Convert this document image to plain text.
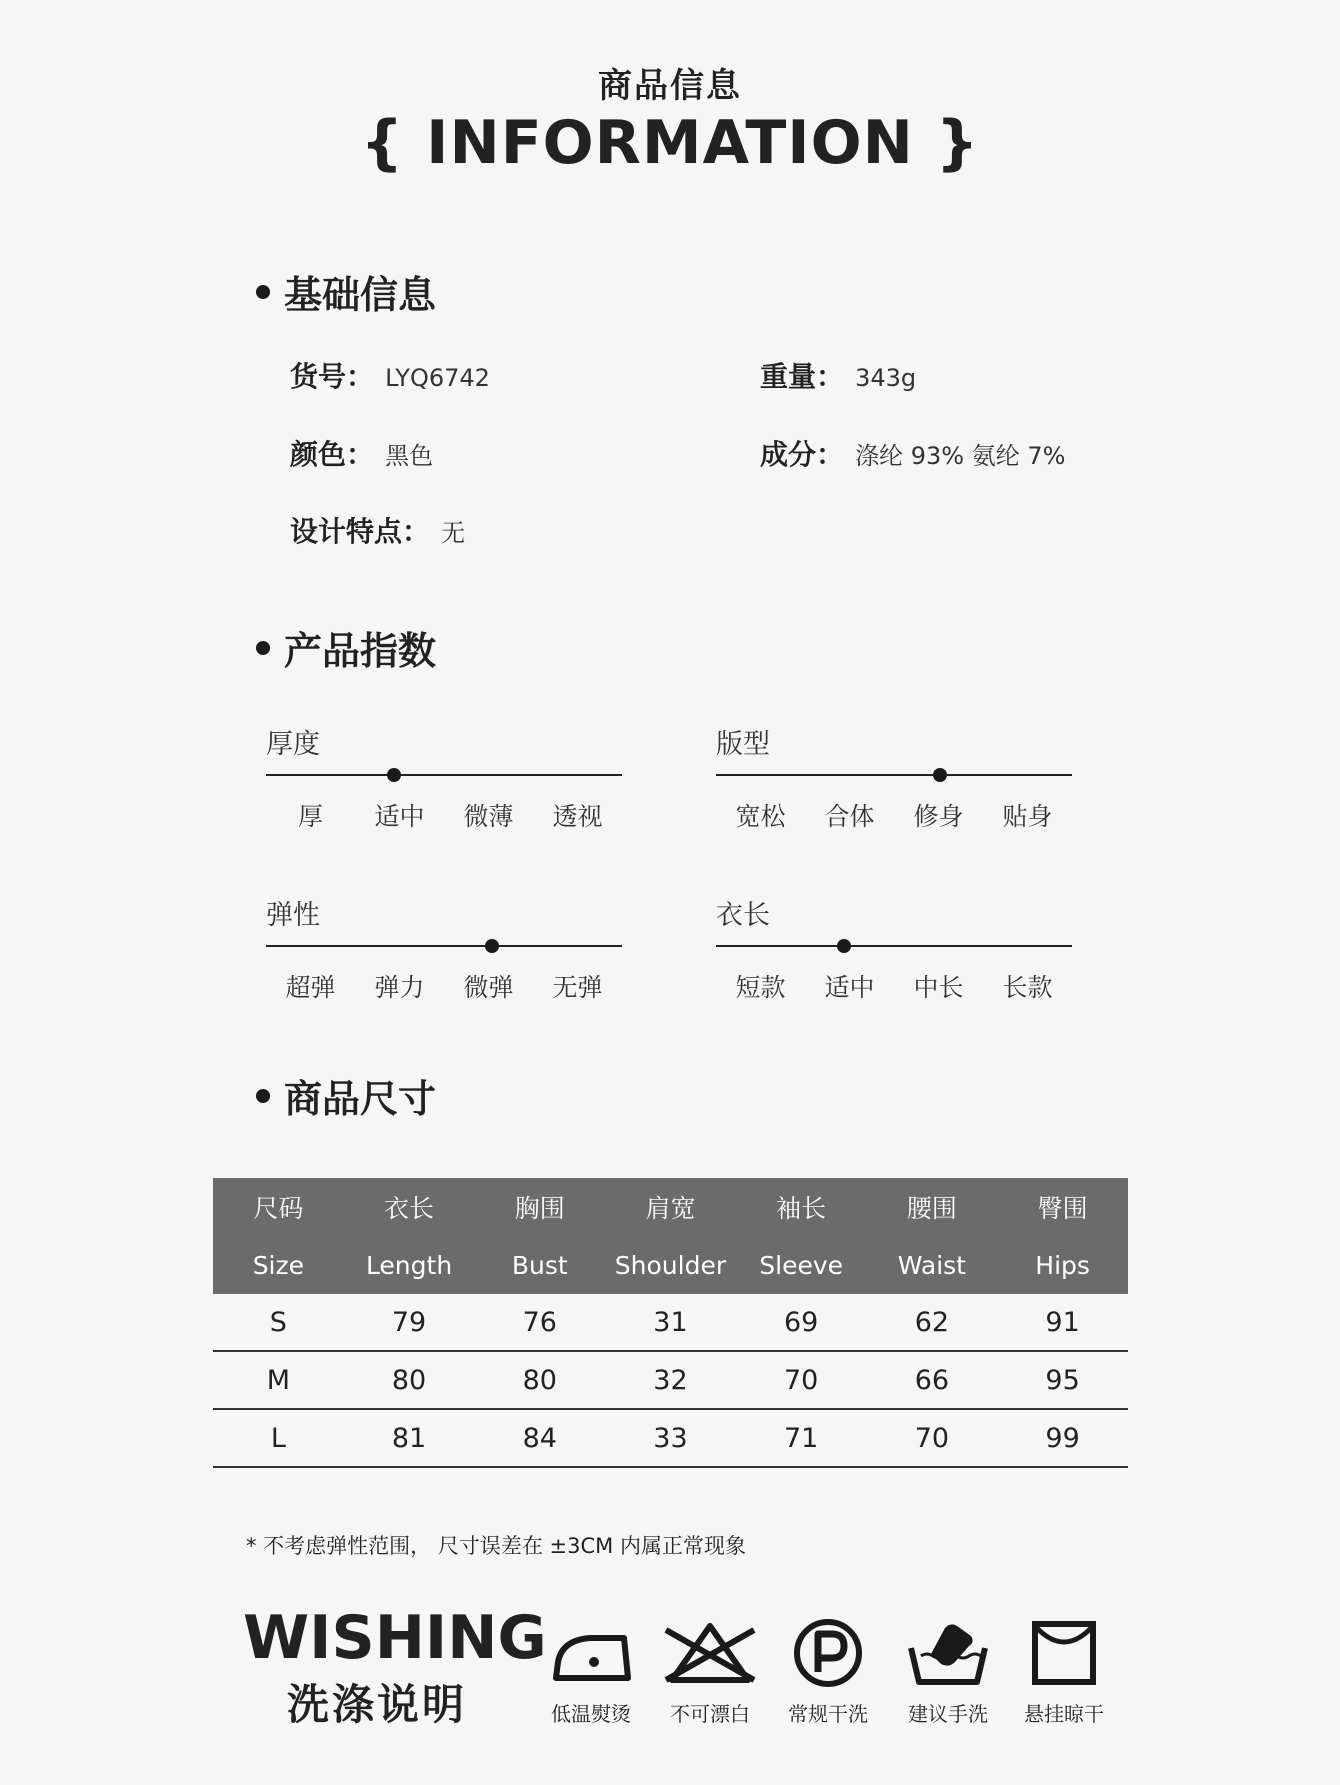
商品信息
{ INFORMATION }
基础信息
货号： LYQ6742	重量： 343g
颜色： 黑色	成分： 涤纶 93% 氨纶 7%
设计特点： 无
产品指数
厚度
厚	适中	微薄	透视
版型
宽松	合体	修身	贴身
弹性
超弹	弹力	微弹	无弹
衣长
短款	适中	中长	长款
商品尺寸
尺码	衣长	胸围	肩宽	袖长	腰围	臀围
Size	Length	Bust	Shoulder	Sleeve	Waist	Hips
S	79	76	31	69	62	91
M	80	80	32	70	66	95
L	81	84	33	71	70	99
* 不考虑弹性范围， 尺寸误差在 ±3CM 内属正常现象
WISHING
洗涤说明	低温熨烫	不可漂白	常规干洗	建议手洗	悬挂晾干
